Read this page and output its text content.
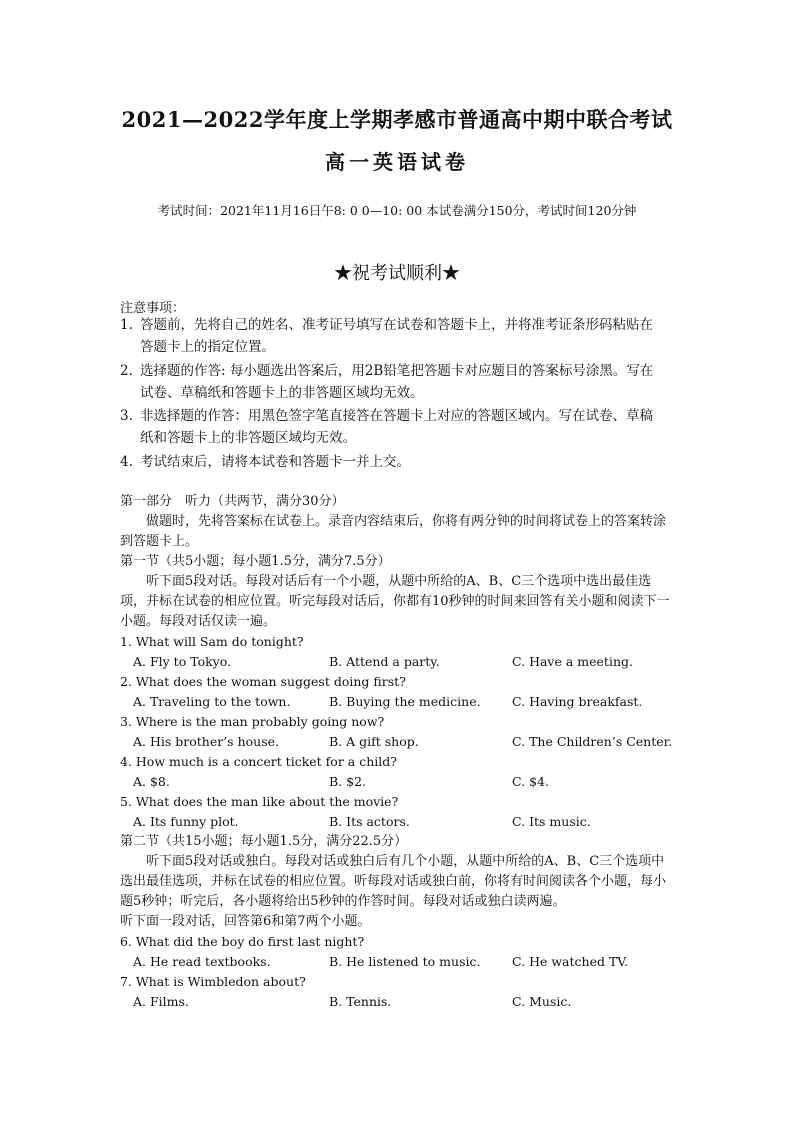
2021—2022学年度上学期孝感市普通高中期中联合考试
高一英语试卷
考试时间：2021年11月16日午8: 0 0—10: 00 本试卷满分150分，考试时间120分钟
★祝考试顺利★
注意事项：
1. 答题前，先将自己的姓名、准考证号填写在试卷和答题卡上，并将准考证条形码粘贴在
答题卡上的指定位置。
2. 选择题的作答: 每小题选出答案后，用2B铅笔把答题卡对应题目的答案标号涂黑。写在
试卷、草稿纸和答题卡上的非答题区域均无效。
3. 非选择题的作答：用黑色签字笔直接答在答题卡上对应的答题区域内。写在试卷、草稿
纸和答题卡上的非答题区域均无效。
4. 考试结束后，请将本试卷和答题卡一并上交。
第一部分　听力（共两节，满分30分）
做题时，先将答案标在试卷上。录音内容结束后，你将有两分钟的时间将试卷上的答案转涂到答题卡上。
第一节（共5小题；每小题1.5分，满分7.5分）
听下面5段对话。每段对话后有一个小题，从题中所给的A、B、C三个选项中选出最佳选项，并标在试卷的相应位置。听完每段对话后，你都有10秒钟的时间来回答有关小题和阅读下一小题。每段对话仅读一遍。
1. What will Sam do tonight?
A. Fly to Tokyo.	B. Attend a party.	C. Have a meeting.
2. What does the woman suggest doing first?
A. Traveling to the town.	B. Buying the medicine.	C. Having breakfast.
3. Where is the man probably going now?
A. His brother’s house.	B. A gift shop.	C. The Children’s Center.
4. How much is a concert ticket for a child?
A. $8.	B. $2.	C. $4.
5. What does the man like about the movie?
A. Its funny plot.	B. Its actors.	C. Its music.
第二节（共15小题；每小题1.5分，满分22.5分）
听下面5段对话或独白。每段对话或独白后有几个小题，从题中所给的A、B、C三个选项中选出最佳选项，并标在试卷的相应位置。听每段对话或独白前，你将有时间阅读各个小题，每小题5秒钟；听完后，各小题将给出5秒钟的作答时间。每段对话或独白读两遍。
听下面一段对话，回答第6和第7两个小题。
6. What did the boy do first last night?
A. He read textbooks.	B. He listened to music.	C. He watched TV.
7. What is Wimbledon about?
A. Films.	B. Tennis.	C. Music.
